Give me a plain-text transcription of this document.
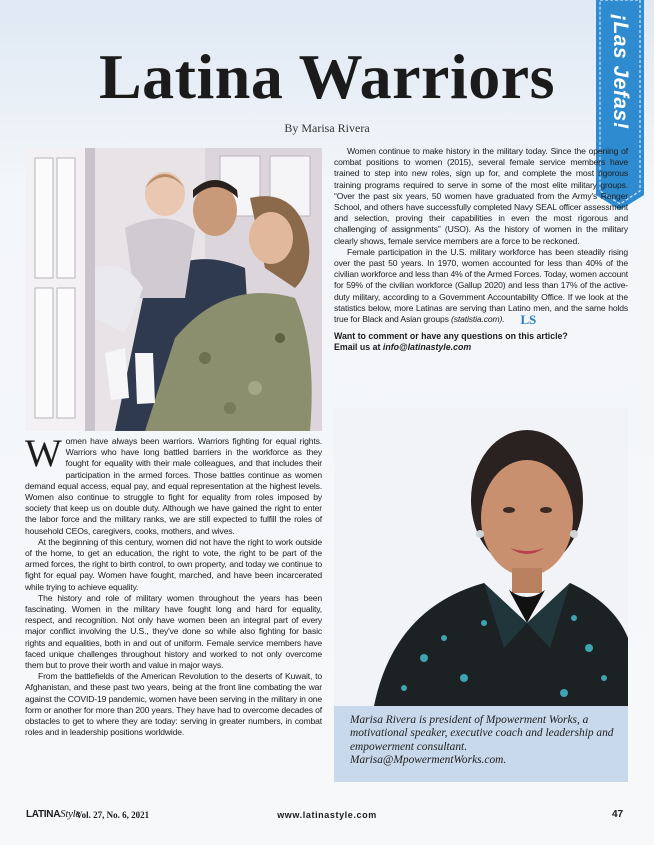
¡Las Jefas!
Latina Warriors
By Marisa Rivera

Women continue to make history in the military today. Since the opening of combat positions to women (2015), several female service members have trained to step into new roles, sign up for, and complete the most rigorous training programs required to serve in some of the most elite military groups. “Over the past six years, 50 women have graduated from the Army's Ranger School, and others have successfully completed Navy SEAL officer assessment and selection, proving their capabilities in even the most rigorous and challenging of assignments” (USO). As the history of women in the military clearly shows, female service members are a force to be reckoned.

Female participation in the U.S. military workforce has been steadily rising over the past 50 years. In 1970, women accounted for less than 40% of the civilian workforce and less than 4% of the Armed Forces. Today, women account for 59% of the civilian workforce (Gallup 2020) and less than 17% of the active-duty military, according to a Government Accountability Office. If we look at the statistics below, more Latinas are serving than Latino men, and the same holds true for Black and Asian groups (statistia.com). LS

Want to comment or have any questions on this article?
Email us at info@latinastyle.com

Women have always been warriors. Warriors fighting for equal rights. Warriors who have long battled barriers in the workforce as they fought for equality with their male colleagues, and that includes their participation in the armed forces. Those battles continue as women demand equal access, equal pay, and equal representation at the highest levels. Women also continue to struggle to fight for equality from roles imposed by society that keep us on double duty. Although we have gained the right to enter the labor force and the military ranks, we are still expected to fulfill the roles of household CEOs, caregivers, cooks, mothers, and wives.

At the beginning of this century, women did not have the right to work outside of the home, to get an education, the right to vote, the right to be part of the armed forces, the right to birth control, to own property, and today we continue to fight for equal pay. Women have fought, marched, and have been incarcerated while trying to achieve equality.

The history and role of military women throughout the years has been fascinating. Women in the military have fought long and hard for equality, respect, and recognition. Not only have women been an integral part of every major conflict involving the U.S., they've done so while also fighting for basic rights and equalities, both in and out of uniform. Female service members have faced unique challenges throughout history and worked to not only overcome them but to prove their worth and value in major ways.

From the battlefields of the American Revolution to the deserts of Kuwait, to Afghanistan, and these past two years, being at the front line combating the war against the COVID-19 pandemic, women have been serving in the military in one form or another for more than 200 years. They have had to overcome decades of obstacles to get to where they are today: serving in greater numbers, in combat roles and in leadership positions worldwide.

Marisa Rivera is president of Mpowerment Works, a motivational speaker, executive coach and leadership and empowerment consultant. Marisa@MpowermentWorks.com.
LATINAStyle
Vol. 27, No. 6, 2021	www.latinastyle.com	47
